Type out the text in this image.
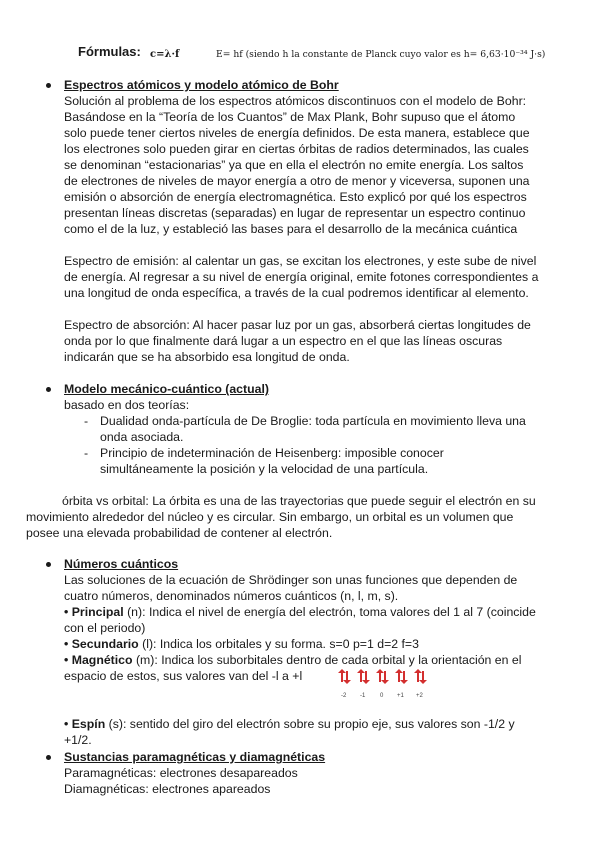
Fórmulas: c=λ·f	E= hf (siendo h la constante de Planck cuyo valor es h= 6,63·10⁻³⁴ J·s)
Espectros atómicos y modelo atómico de Bohr

Solución al problema de los espectros atómicos discontinuos con el modelo de Bohr: Basándose en la “Teoría de los Cuantos” de Max Plank, Bohr supuso que el átomo solo puede tener ciertos niveles de energía definidos. De esta manera, establece que los electrones solo pueden girar en ciertas órbitas de radios determinados, las cuales se denominan “estacionarias” ya que en ella el electrón no emite energía. Los saltos de electrones de niveles de mayor energía a otro de menor y viceversa, suponen una emisión o absorción de energía electromagnética. Esto explicó por qué los espectros presentan líneas discretas (separadas) en lugar de representar un espectro continuo como el de la luz, y estableció las bases para el desarrollo de la mecánica cuántica

Espectro de emisión: al calentar un gas, se excitan los electrones, y este sube de nivel de energía. Al regresar a su nivel de energía original, emite fotones correspondientes a una longitud de onda específica, a través de la cual podremos identificar al elemento.

Espectro de absorción: Al hacer pasar luz por un gas, absorberá ciertas longitudes de onda por lo que finalmente dará lugar a un espectro en el que las líneas oscuras indicarán que se ha absorbido esa longitud de onda.

Modelo mecánico-cuántico (actual)
basado en dos teorías:
- Dualidad onda-partícula de De Broglie: toda partícula en movimiento lleva una onda asociada.
- Principio de indeterminación de Heisenberg: imposible conocer simultáneamente la posición y la velocidad de una partícula.

órbita vs orbital: La órbita es una de las trayectorias que puede seguir el electrón en su movimiento alrededor del núcleo y es circular. Sin embargo, un orbital es un volumen que posee una elevada probabilidad de contener al electrón.

Números cuánticos

Las soluciones de la ecuación de Shrödinger son unas funciones que dependen de cuatro números, denominados números cuánticos (n, l, m, s).

• Principal (n): Indica el nivel de energía del electrón, toma valores del 1 al 7 (coincide con el periodo)

• Secundario (l): Indica los orbitales y su forma. s=0 p=1 d=2 f=3

• Magnético (m): Indica los suborbitales dentro de cada orbital y la orientación en el espacio de estos, sus valores van del -l a +l

-2 -1 0 +1 +2

• Espín (s): sentido del giro del electrón sobre su propio eje, sus valores son -1/2 y +1/2.

Sustancias paramagnéticas y diamagnéticas
Paramagnéticas: electrones desapareados
Diamagnéticas: electrones apareados
